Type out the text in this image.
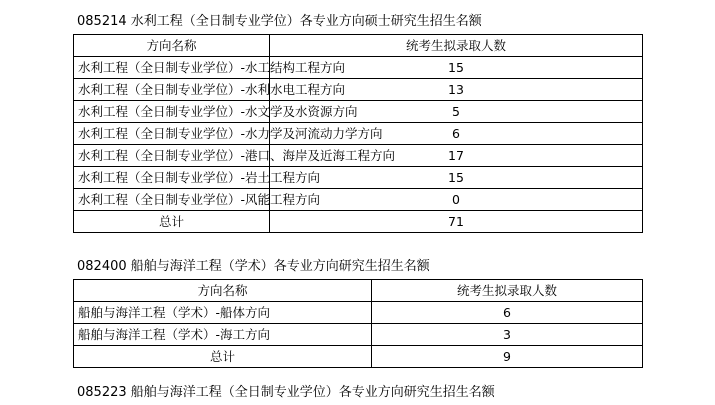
085214 水利工程（全日制专业学位）各专业方向硕士研究生招生名额
方向名称	统考生拟录取人数
水利工程（全日制专业学位）-水工结构工程方向	15
水利工程（全日制专业学位）-水利水电工程方向	13
水利工程（全日制专业学位）-水文学及水资源方向	5
水利工程（全日制专业学位）-水力学及河流动力学方向	6
水利工程（全日制专业学位）-港口、海岸及近海工程方向	17
水利工程（全日制专业学位）-岩土工程方向	15
水利工程（全日制专业学位）-风能工程方向	0
总计	71
082400 船舶与海洋工程（学术）各专业方向研究生招生名额
方向名称	统考生拟录取人数
船舶与海洋工程（学术）-船体方向	6
船舶与海洋工程（学术）-海工方向	3
总计	9
085223 船舶与海洋工程（全日制专业学位）各专业方向研究生招生名额
